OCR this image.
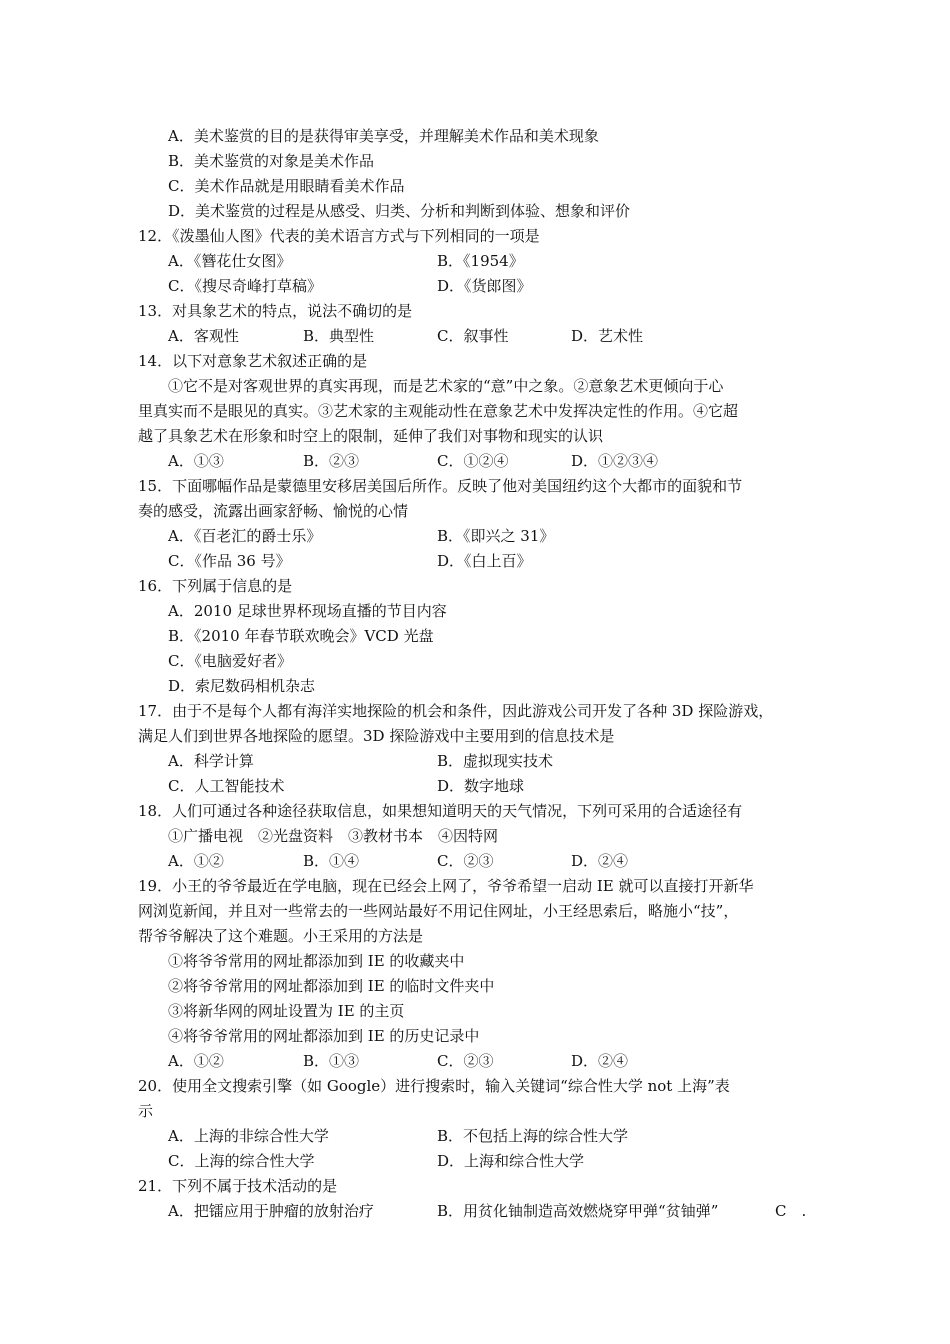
A．美术鉴赏的目的是获得审美享受，并理解美术作品和美术现象
B．美术鉴赏的对象是美术作品
C．美术作品就是用眼睛看美术作品
D．美术鉴赏的过程是从感受、归类、分析和判断到体验、想象和评价
12．《泼墨仙人图》代表的美术语言方式与下列相同的一项是
A．《簪花仕女图》	B．《1954》
C．《搜尽奇峰打草稿》	D．《货郎图》
13．对具象艺术的特点，说法不确切的是
A．客观性	B．典型性	C．叙事性	D．艺术性
14．以下对意象艺术叙述正确的是
①它不是对客观世界的真实再现，而是艺术家的“意”中之象。②意象艺术更倾向于心
里真实而不是眼见的真实。③艺术家的主观能动性在意象艺术中发挥决定性的作用。④它超
越了具象艺术在形象和时空上的限制，延伸了我们对事物和现实的认识
A．①③	B．②③	C．①②④	D．①②③④
15．下面哪幅作品是蒙德里安移居美国后所作。反映了他对美国纽约这个大都市的面貌和节
奏的感受，流露出画家舒畅、愉悦的心情
A．《百老汇的爵士乐》	B．《即兴之 31》
C．《作品 36 号》	D．《白上百》
16．下列属于信息的是
A．2010 足球世界杯现场直播的节目内容
B．《2010 年春节联欢晚会》VCD 光盘
C．《电脑爱好者》
D．索尼数码相机杂志
17．由于不是每个人都有海洋实地探险的机会和条件，因此游戏公司开发了各种 3D 探险游戏，
满足人们到世界各地探险的愿望。3D 探险游戏中主要用到的信息技术是
A．科学计算	B．虚拟现实技术
C．人工智能技术	D．数字地球
18．人们可通过各种途径获取信息，如果想知道明天的天气情况，下列可采用的合适途径有
①广播电视　②光盘资料　③教材书本　④因特网
A．①②	B．①④	C．②③	D．②④
19．小王的爷爷最近在学电脑，现在已经会上网了，爷爷希望一启动 IE 就可以直接打开新华
网浏览新闻，并且对一些常去的一些网站最好不用记住网址，小王经思索后，略施小“技”，
帮爷爷解决了这个难题。小王采用的方法是
①将爷爷常用的网址都添加到 IE 的收藏夹中
②将爷爷常用的网址都添加到 IE 的临时文件夹中
③将新华网的网址设置为 IE 的主页
④将爷爷常用的网址都添加到 IE 的历史记录中
A．①②	B．①③	C．②③	D．②④
20．使用全文搜索引擎（如 Google）进行搜索时，输入关键词“综合性大学 not 上海”表
示
A．上海的非综合性大学	B．不包括上海的综合性大学
C．上海的综合性大学	D．上海和综合性大学
21．下列不属于技术活动的是
A．把镭应用于肿瘤的放射治疗	B．用贫化铀制造高效燃烧穿甲弹“贫铀弹”	C　.
